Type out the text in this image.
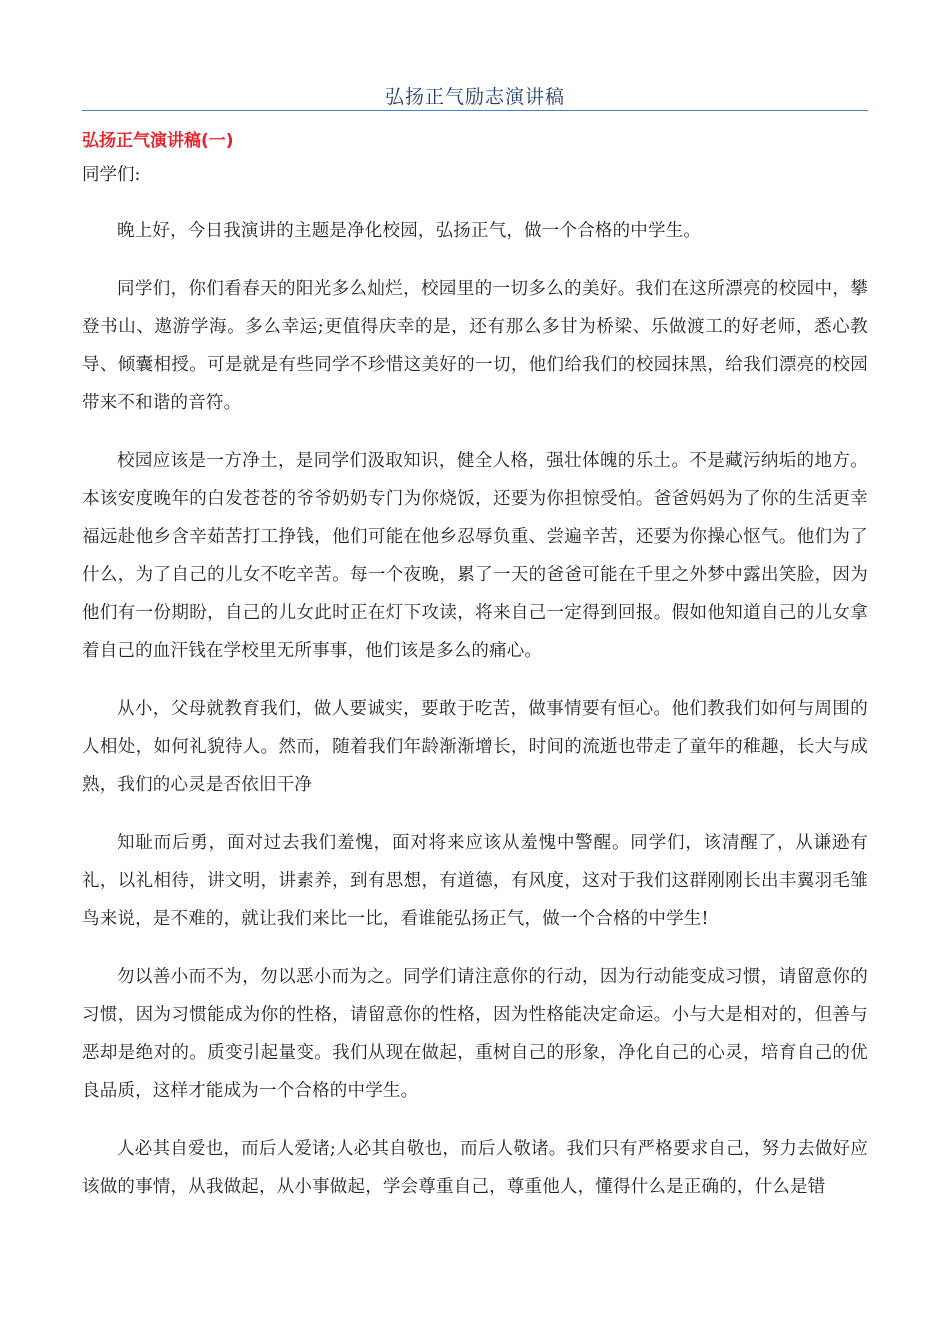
弘扬正气励志演讲稿

弘扬正气演讲稿(一)

同学们:

晚上好，今日我演讲的主题是净化校园，弘扬正气，做一个合格的中学生。

同学们，你们看春天的阳光多么灿烂，校园里的一切多么的美好。我们在这所漂亮的校园中，攀登书山、遨游学海。多么幸运;更值得庆幸的是，还有那么多甘为桥梁、乐做渡工的好老师，悉心教导、倾囊相授。可是就是有些同学不珍惜这美好的一切，他们给我们的校园抹黑，给我们漂亮的校园带来不和谐的音符。

校园应该是一方净土，是同学们汲取知识，健全人格，强壮体魄的乐土。不是藏污纳垢的地方。本该安度晚年的白发苍苍的爷爷奶奶专门为你烧饭，还要为你担惊受怕。爸爸妈妈为了你的生活更幸福远赴他乡含辛茹苦打工挣钱，他们可能在他乡忍辱负重、尝遍辛苦，还要为你操心怄气。他们为了什么，为了自己的儿女不吃辛苦。每一个夜晚，累了一天的爸爸可能在千里之外梦中露出笑脸，因为他们有一份期盼，自己的儿女此时正在灯下攻读，将来自己一定得到回报。假如他知道自己的儿女拿着自己的血汗钱在学校里无所事事，他们该是多么的痛心。

从小，父母就教育我们，做人要诚实，要敢于吃苦，做事情要有恒心。他们教我们如何与周围的人相处，如何礼貌待人。然而，随着我们年龄渐渐增长，时间的流逝也带走了童年的稚趣，长大与成熟，我们的心灵是否依旧干净

知耻而后勇，面对过去我们羞愧，面对将来应该从羞愧中警醒。同学们，该清醒了，从谦逊有礼，以礼相待，讲文明，讲素养，到有思想，有道德，有风度，这对于我们这群刚刚长出丰翼羽毛雏鸟来说，是不难的，就让我们来比一比，看谁能弘扬正气，做一个合格的中学生!

勿以善小而不为，勿以恶小而为之。同学们请注意你的行动，因为行动能变成习惯，请留意你的习惯，因为习惯能成为你的性格，请留意你的性格，因为性格能决定命运。小与大是相对的，但善与恶却是绝对的。质变引起量变。我们从现在做起，重树自己的形象，净化自己的心灵，培育自己的优良品质，这样才能成为一个合格的中学生。

人必其自爱也，而后人爱诸;人必其自敬也，而后人敬诸。我们只有严格要求自己，努力去做好应该做的事情，从我做起，从小事做起，学会尊重自己，尊重他人，懂得什么是正确的，什么是错
